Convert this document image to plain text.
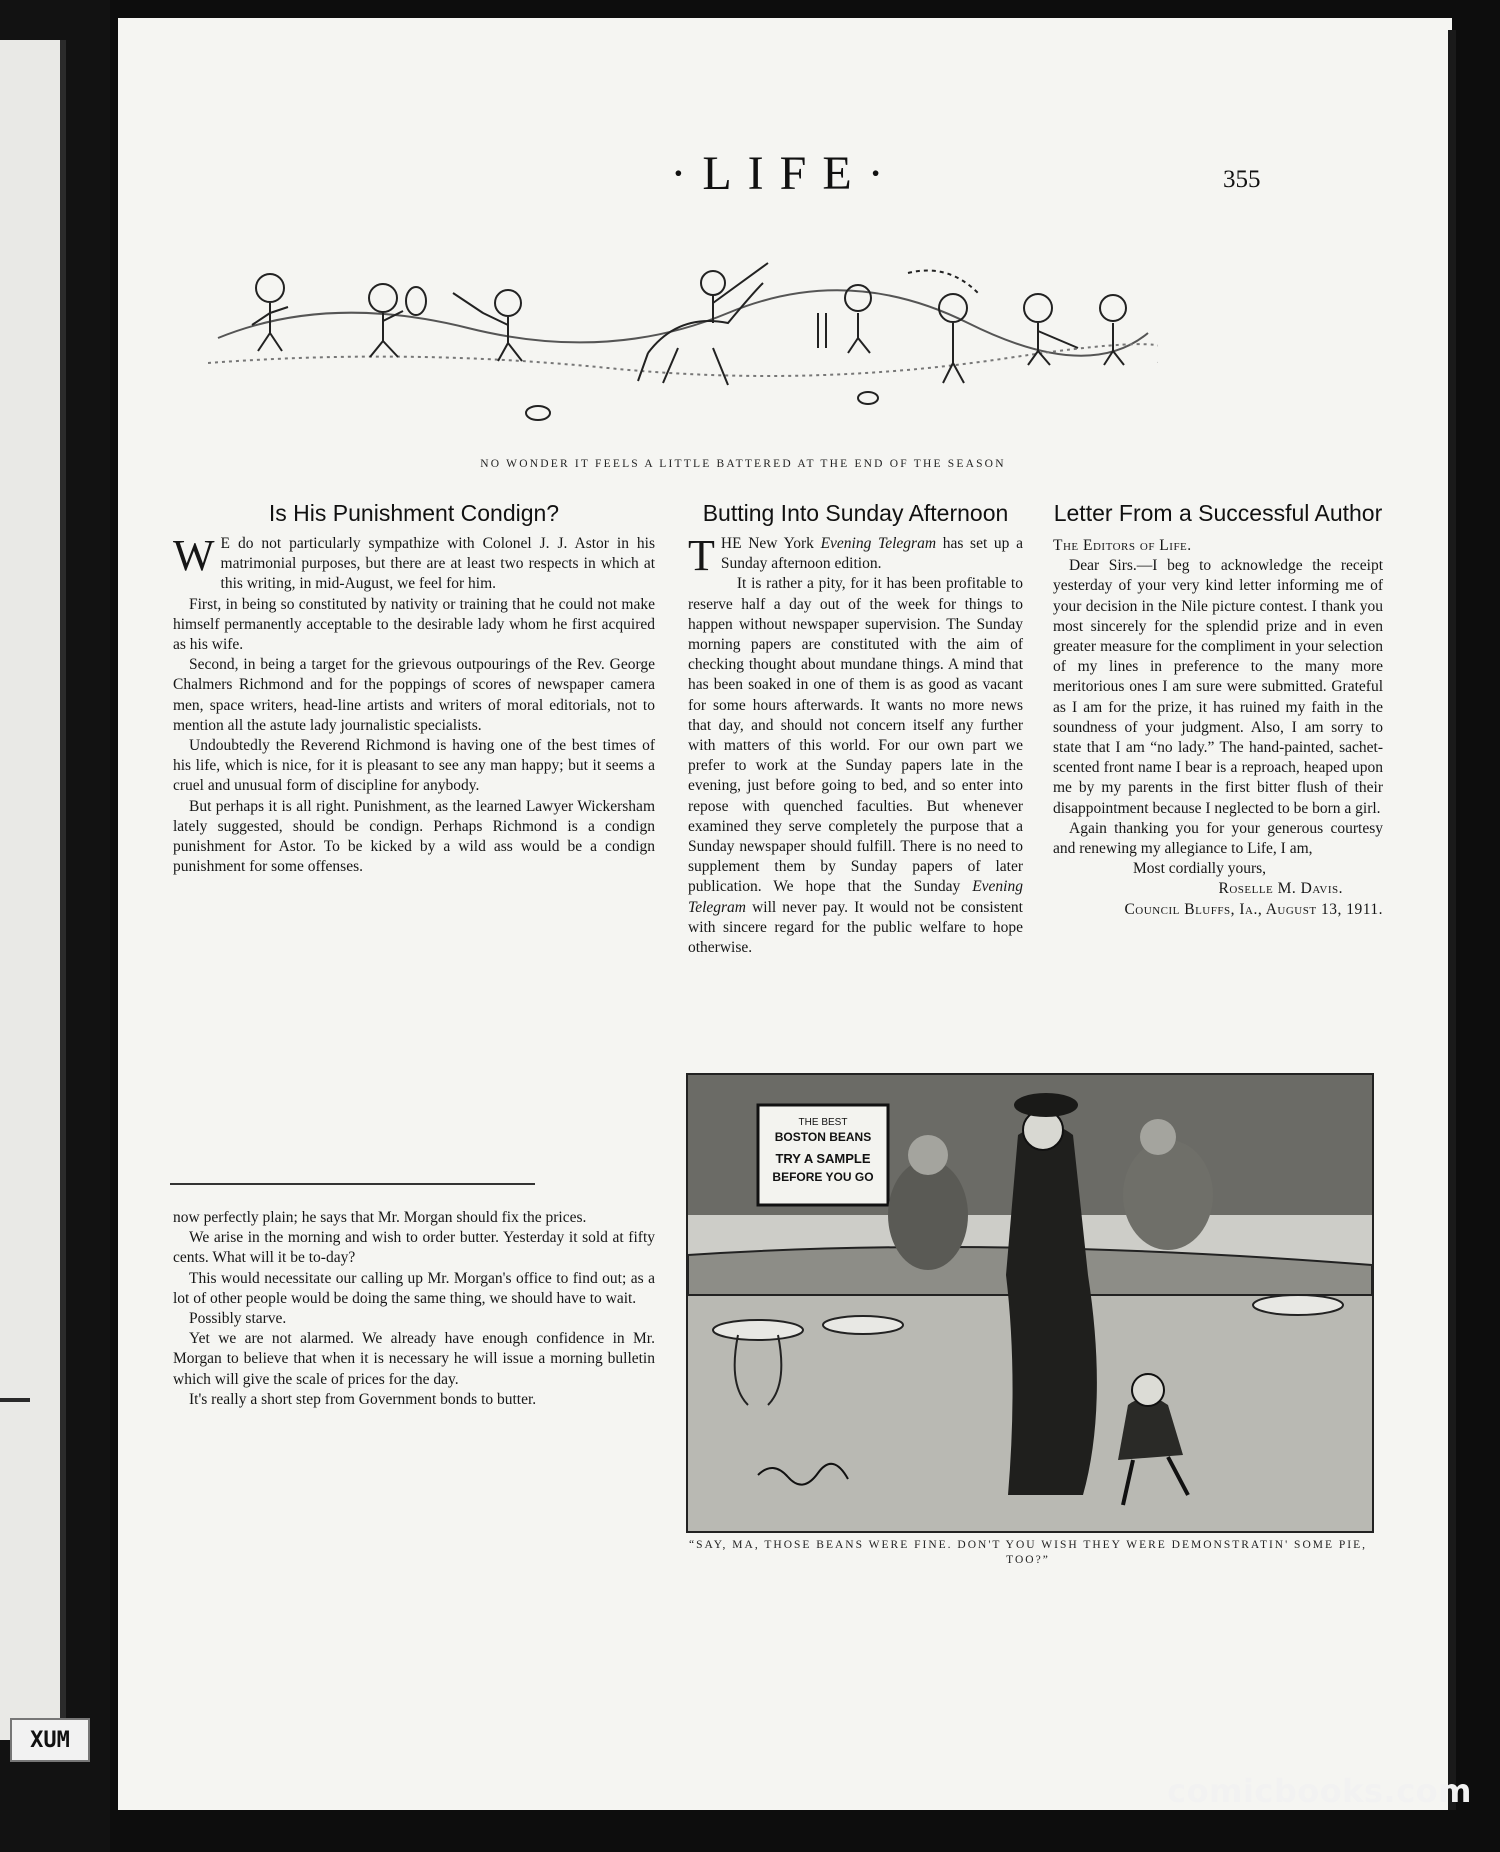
XUM
·LIFE·	355
NO WONDER IT FEELS A LITTLE BATTERED AT THE END OF THE SEASON
Is His Punishment Condign?

W E do not particularly sympathize with Colonel J. J. Astor in his matrimonial purposes, but there are at least two respects in which at this writing, in mid-August, we feel for him.

First, in being so constituted by nativity or training that he could not make himself permanently acceptable to the desirable lady whom he first acquired as his wife.

Second, in being a target for the grievous outpourings of the Rev. George Chalmers Richmond and for the poppings of scores of newspaper camera men, space writers, head-line artists and writers of moral editorials, not to mention all the astute lady journalistic specialists.

Undoubtedly the Reverend Richmond is having one of the best times of his life, which is nice, for it is pleasant to see any man happy; but it seems a cruel and unusual form of discipline for anybody.

But perhaps it is all right. Punishment, as the learned Lawyer Wickersham lately suggested, should be condign. Perhaps Richmond is a condign punishment for Astor. To be kicked by a wild ass would be a condign punishment for some offenses.

now perfectly plain; he says that Mr. Morgan should fix the prices.

We arise in the morning and wish to order butter. Yesterday it sold at fifty cents. What will it be to-day?

This would necessitate our calling up Mr. Morgan's office to find out; as a lot of other people would be doing the same thing, we should have to wait.

Possibly starve.

Yet we are not alarmed. We already have enough confidence in Mr. Morgan to believe that when it is necessary he will issue a morning bulletin which will give the scale of prices for the day.

It's really a short step from Government bonds to butter.

Butting Into Sunday Afternoon

THE New York Evening Telegram has set up a Sunday afternoon edition.

It is rather a pity, for it has been profitable to reserve half a day out of the week for things to happen without newspaper supervision. The Sunday morning papers are constituted with the aim of checking thought about mundane things. A mind that has been soaked in one of them is as good as vacant for some hours afterwards. It wants no more news that day, and should not concern itself any further with matters of this world. For our own part we prefer to work at the Sunday papers late in the evening, just before going to bed, and so enter into repose with quenched faculties. But whenever examined they serve completely the purpose that a Sunday newspaper should fulfill. There is no need to supplement them by Sunday papers of later publication. We hope that the Sunday Evening Telegram will never pay. It would not be consistent with sincere regard for the public welfare to hope otherwise.

Letter From a Successful Author

The Editors of Life.

Dear Sirs.—I beg to acknowledge the receipt yesterday of your very kind letter informing me of your decision in the Nile picture contest. I thank you most sincerely for the splendid prize and in even greater measure for the compliment in your selection of my lines in preference to the many more meritorious ones I am sure were submitted. Grateful as I am for the prize, it has ruined my faith in the soundness of your judgment. Also, I am sorry to state that I am “no lady.” The hand-painted, sachet-scented front name I bear is a reproach, heaped upon me by my parents in the first bitter flush of their disappointment because I neglected to be born a girl.

Again thanking you for your generous courtesy and renewing my allegiance to Life, I am,

Most cordially yours,

Roselle M. Davis.

Council Bluffs, Ia., August 13, 1911.

THE BEST
BOSTON BEANS
TRY A SAMPLE
BEFORE YOU GO
“SAY, MA, THOSE BEANS WERE FINE. DON'T YOU WISH THEY WERE DEMONSTRATIN' SOME PIE, TOO?”
comicbooks.com
